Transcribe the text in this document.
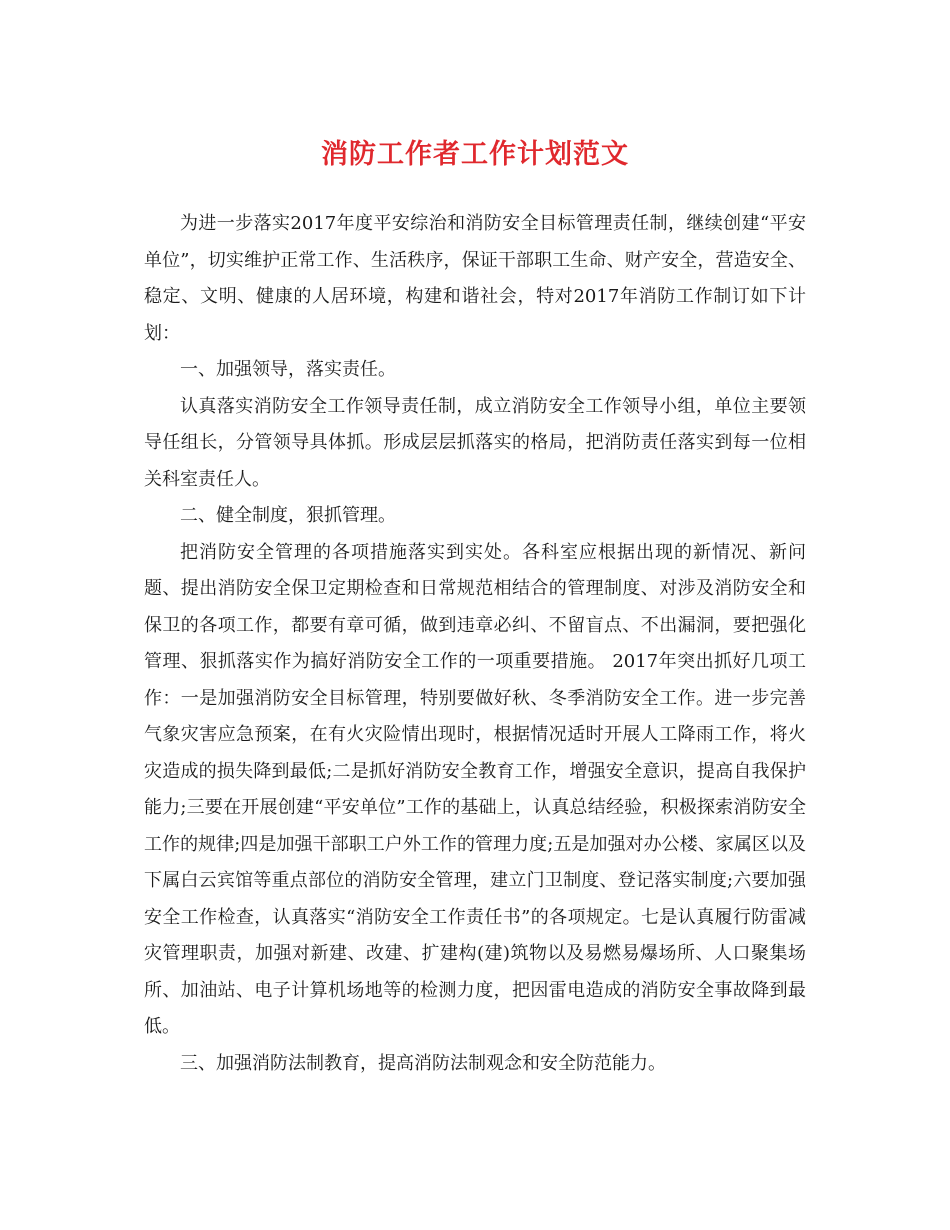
消防工作者工作计划范文

为进一步落实2017年度平安综治和消防安全目标管理责任制，继续创建“平安单位”，切实维护正常工作、生活秩序，保证干部职工生命、财产安全，营造安全、稳定、文明、健康的人居环境，构建和谐社会，特对2017年消防工作制订如下计划：

一、加强领导，落实责任。

认真落实消防安全工作领导责任制，成立消防安全工作领导小组，单位主要领导任组长，分管领导具体抓。形成层层抓落实的格局，把消防责任落实到每一位相关科室责任人。

二、健全制度，狠抓管理。

把消防安全管理的各项措施落实到实处。各科室应根据出现的新情况、新问题、提出消防安全保卫定期检查和日常规范相结合的管理制度、对涉及消防安全和保卫的各项工作，都要有章可循，做到违章必纠、不留盲点、不出漏洞，要把强化管理、狠抓落实作为搞好消防安全工作的一项重要措施。 2017年突出抓好几项工作：一是加强消防安全目标管理，特别要做好秋、冬季消防安全工作。进一步完善气象灾害应急预案，在有火灾险情出现时，根据情况适时开展人工降雨工作，将火灾造成的损失降到最低;二是抓好消防安全教育工作，增强安全意识，提高自我保护能力;三要在开展创建“平安单位”工作的基础上，认真总结经验，积极探索消防安全工作的规律;四是加强干部职工户外工作的管理力度;五是加强对办公楼、家属区以及下属白云宾馆等重点部位的消防安全管理，建立门卫制度、登记落实制度;六要加强安全工作检查，认真落实“消防安全工作责任书”的各项规定。七是认真履行防雷减灾管理职责，加强对新建、改建、扩建构(建)筑物以及易燃易爆场所、人口聚集场所、加油站、电子计算机场地等的检测力度，把因雷电造成的消防安全事故降到最低。

三、加强消防法制教育，提高消防法制观念和安全防范能力。
